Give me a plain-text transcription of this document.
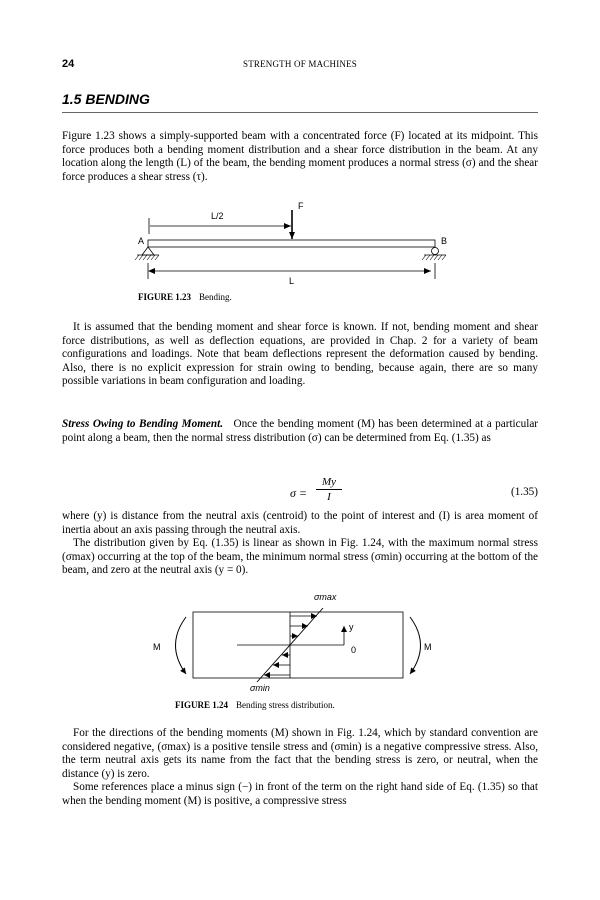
24	STRENGTH OF MACHINES
1.5 BENDING

Figure 1.23 shows a simply-supported beam with a concentrated force (F) located at its midpoint. This force produces both a bending moment distribution and a shear force distribution in the beam. At any location along the length (L) of the beam, the bending moment produces a normal stress (σ) and the shear force produces a shear stress (τ).

L/2
F
A	B
L
FIGURE 1.23 Bending.

It is assumed that the bending moment and shear force is known. If not, bending moment and shear force distributions, as well as deflection equations, are provided in Chap. 2 for a variety of beam configurations and loadings. Note that beam deflections represent the deformation caused by bending. Also, there is no explicit expression for strain owing to bending, because again, there are so many possible variations in beam configuration and loading.

Stress Owing to Bending Moment. Once the bending moment (M) has been determined at a particular point along a beam, then the normal stress distribution (σ) can be determined from Eq. (1.35) as

σ =
My
I	(1.35)

where (y) is distance from the neutral axis (centroid) to the point of interest and (I) is area moment of inertia about an axis passing through the neutral axis.

The distribution given by Eq. (1.35) is linear as shown in Fig. 1.24, with the maximum normal stress (σmax) occurring at the top of the beam, the minimum normal stress (σmin) occurring at the bottom of the beam, and zero at the neutral axis (y = 0).

σmax
y
0
M	M
σmin
FIGURE 1.24 Bending stress distribution.

For the directions of the bending moments (M) shown in Fig. 1.24, which by standard convention are considered negative, (σmax) is a positive tensile stress and (σmin) is a negative compressive stress. Also, the term neutral axis gets its name from the fact that the bending stress is zero, or neutral, when the distance (y) is zero.

Some references place a minus sign (−) in front of the term on the right hand side of Eq. (1.35) so that when the bending moment (M) is positive, a compressive stress
